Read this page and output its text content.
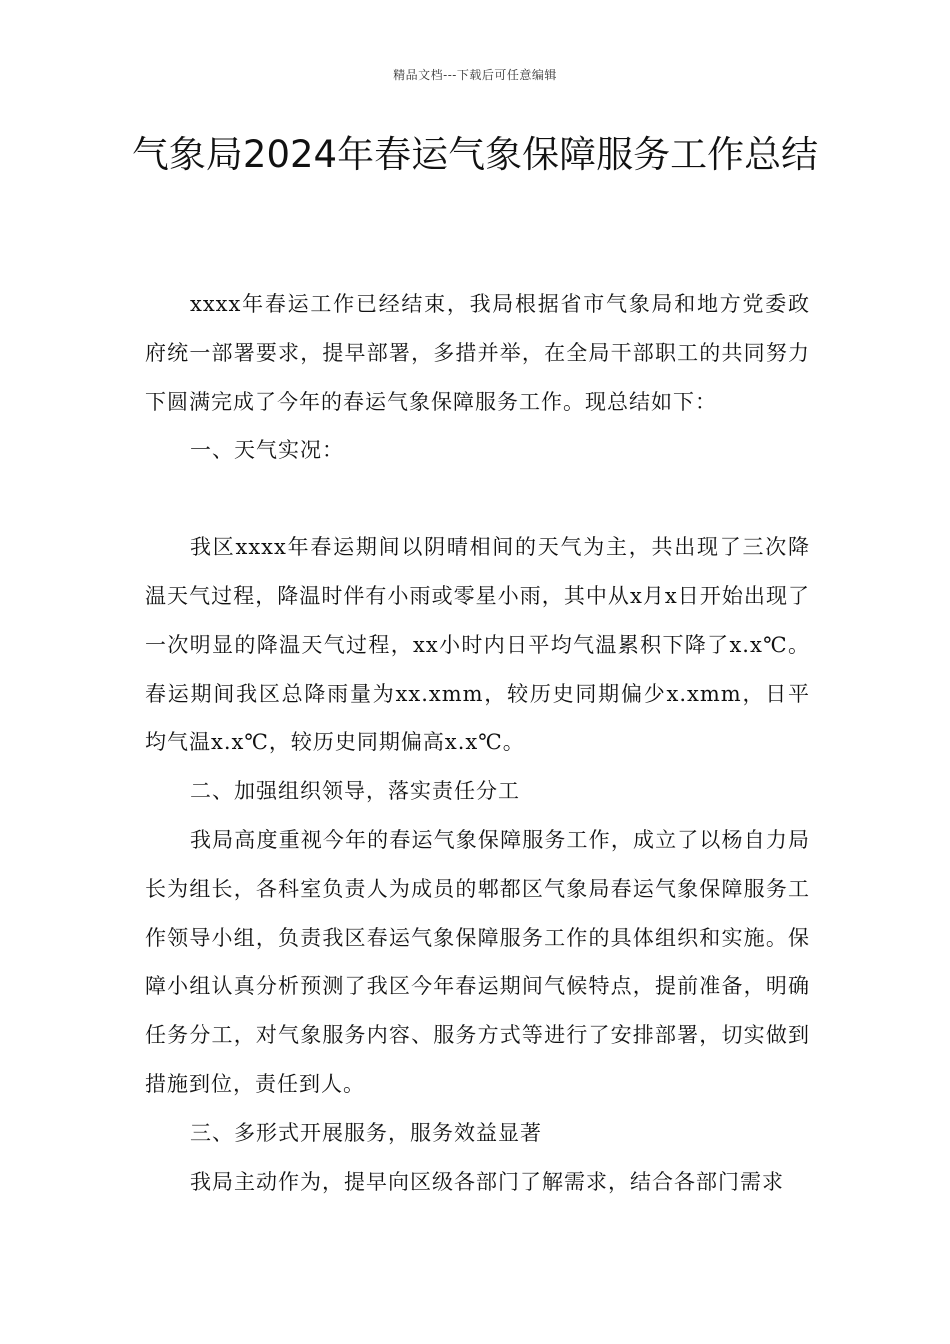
精品文档---下载后可任意编辑
气象局2024年春运气象保障服务工作总结

xxxx年春运工作已经结束，我局根据省市气象局和地方党委政府统一部署要求，提早部署，多措并举，在全局干部职工的共同努力下圆满完成了今年的春运气象保障服务工作。现总结如下：

一、天气实况：

我区xxxx年春运期间以阴晴相间的天气为主，共出现了三次降温天气过程，降温时伴有小雨或零星小雨，其中从x月x日开始出现了一次明显的降温天气过程，xx小时内日平均气温累积下降了x.x℃。春运期间我区总降雨量为xx.xmm，较历史同期偏少x.xmm，日平均气温x.x℃，较历史同期偏高x.x℃。

二、加强组织领导，落实责任分工

我局高度重视今年的春运气象保障服务工作，成立了以杨自力局长为组长，各科室负责人为成员的郫都区气象局春运气象保障服务工作领导小组，负责我区春运气象保障服务工作的具体组织和实施。保障小组认真分析预测了我区今年春运期间气候特点，提前准备，明确任务分工，对气象服务内容、服务方式等进行了安排部署，切实做到措施到位，责任到人。

三、多形式开展服务，服务效益显著

我局主动作为，提早向区级各部门了解需求，结合各部门需求
